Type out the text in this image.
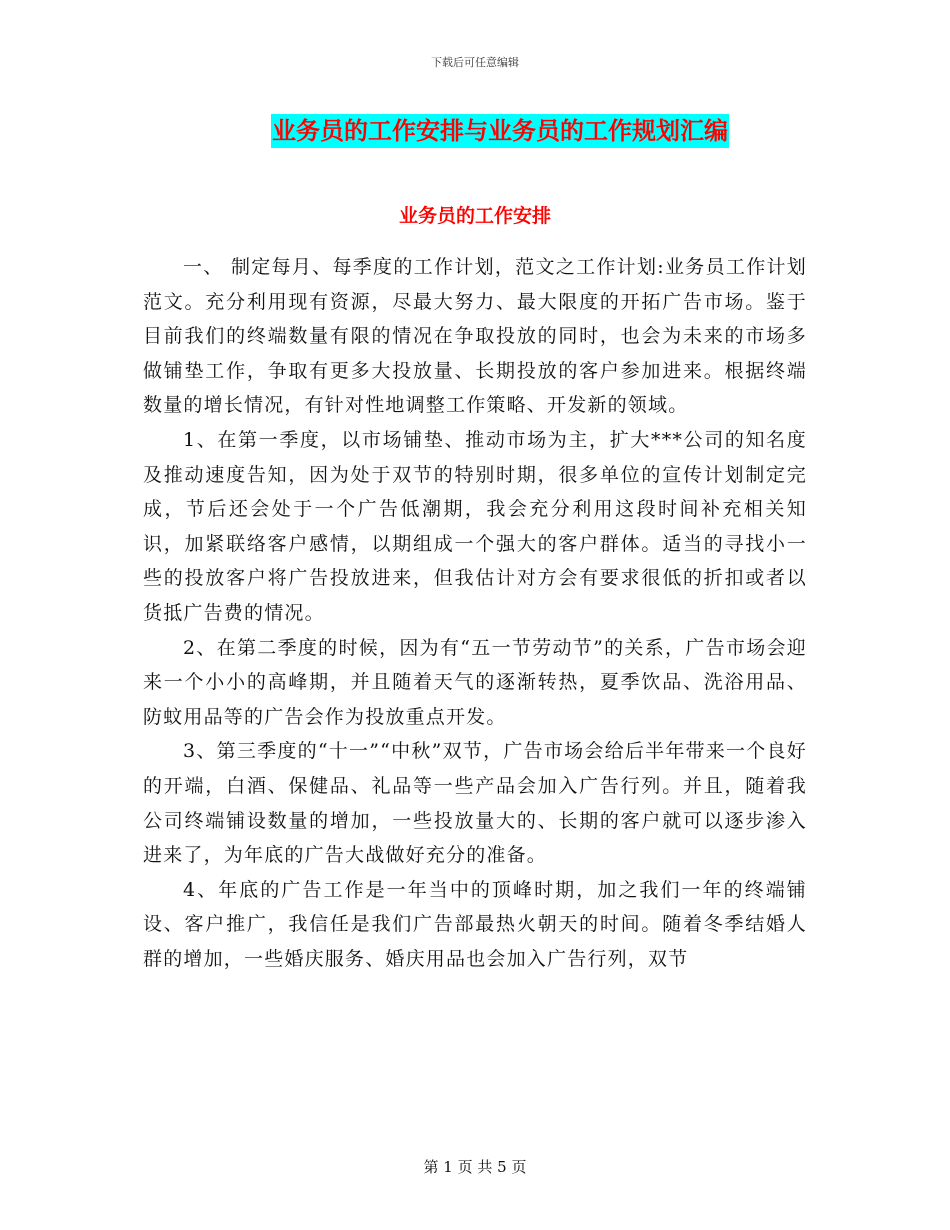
下载后可任意编辑
业务员的工作安排与业务员的工作规划汇编
业务员的工作安排

一、 制定每月、每季度的工作计划，范文之工作计划:业务员工作计划范文。充分利用现有资源，尽最大努力、最大限度的开拓广告市场。鉴于目前我们的终端数量有限的情况在争取投放的同时，也会为未来的市场多做铺垫工作，争取有更多大投放量、长期投放的客户参加进来。根据终端数量的增长情况，有针对性地调整工作策略、开发新的领域。

1、在第一季度，以市场铺垫、推动市场为主，扩大***公司的知名度及推动速度告知，因为处于双节的特别时期，很多单位的宣传计划制定完成，节后还会处于一个广告低潮期，我会充分利用这段时间补充相关知识，加紧联络客户感情，以期组成一个强大的客户群体。适当的寻找小一些的投放客户将广告投放进来，但我估计对方会有要求很低的折扣或者以货抵广告费的情况。

2、在第二季度的时候，因为有“五一节劳动节”的关系，广告市场会迎来一个小小的高峰期，并且随着天气的逐渐转热，夏季饮品、洗浴用品、防蚊用品等的广告会作为投放重点开发。

3、第三季度的“十一”“中秋”双节，广告市场会给后半年带来一个良好的开端，白酒、保健品、礼品等一些产品会加入广告行列。并且，随着我公司终端铺设数量的增加，一些投放量大的、长期的客户就可以逐步渗入进来了，为年底的广告大战做好充分的准备。

4、年底的广告工作是一年当中的顶峰时期，加之我们一年的终端铺设、客户推广，我信任是我们广告部最热火朝天的时间。随着冬季结婚人群的增加，一些婚庆服务、婚庆用品也会加入广告行列，双节

第 1 页 共 5 页
